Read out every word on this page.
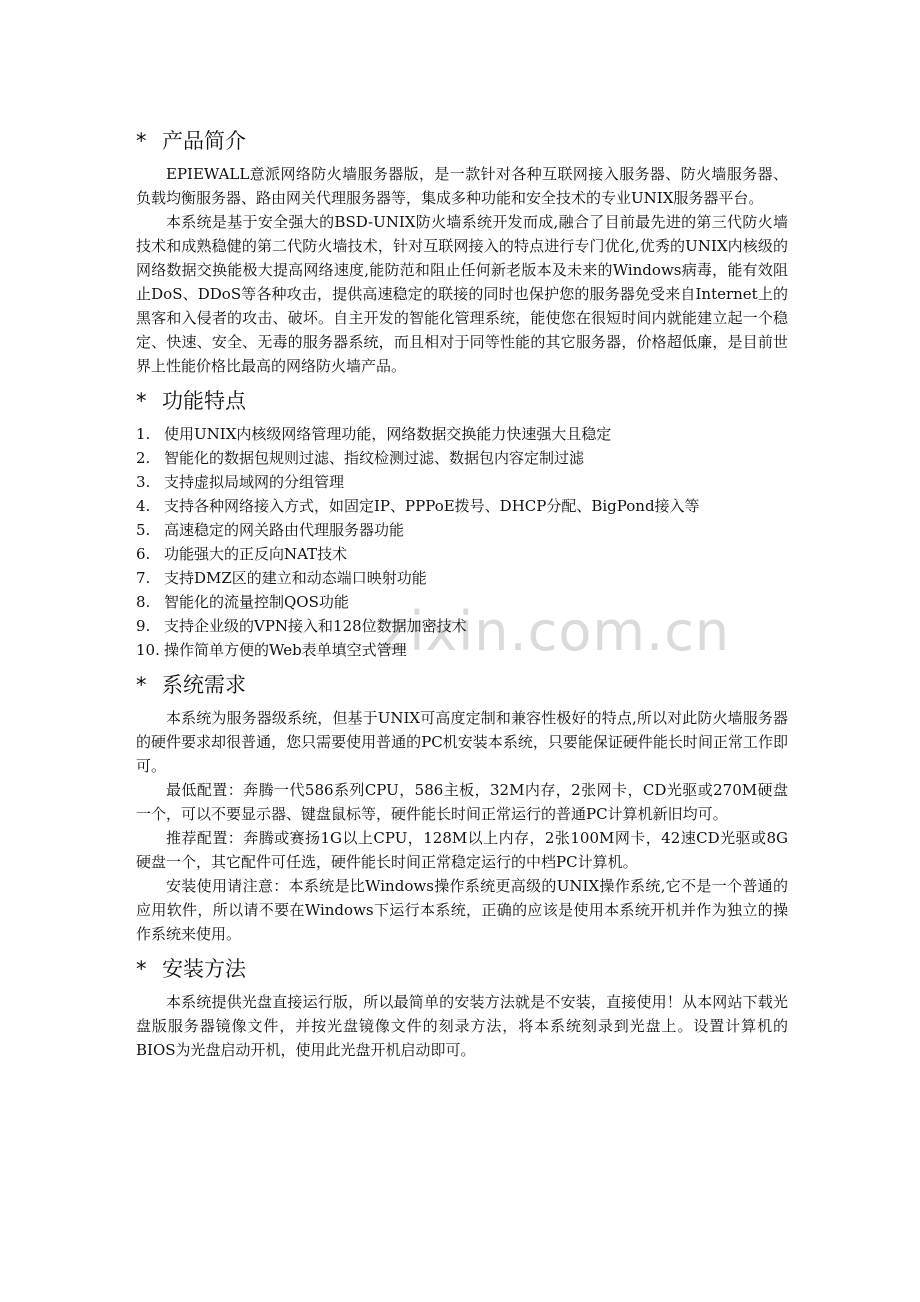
zixin.com.cn
* 产品简介

EPIEWALL意派网络防火墙服务器版，是一款针对各种互联网接入服务器、防火墙服务器、负载均衡服务器、路由网关代理服务器等，集成多种功能和安全技术的专业UNIX服务器平台。

本系统是基于安全强大的BSD-UNIX防火墙系统开发而成,融合了目前最先进的第三代防火墙技术和成熟稳健的第二代防火墙技术，针对互联网接入的特点进行专门优化,优秀的UNIX内核级的网络数据交换能极大提高网络速度,能防范和阻止任何新老版本及未来的Windows病毒，能有效阻止DoS、DDoS等各种攻击，提供高速稳定的联接的同时也保护您的服务器免受来自Internet上的黑客和入侵者的攻击、破坏。自主开发的智能化管理系统，能使您在很短时间内就能建立起一个稳定、快速、安全、无毒的服务器系统，而且相对于同等性能的其它服务器，价格超低廉，是目前世界上性能价格比最高的网络防火墙产品。

* 功能特点
1. 使用UNIX内核级网络管理功能，网络数据交换能力快速强大且稳定
2. 智能化的数据包规则过滤、指纹检测过滤、数据包内容定制过滤
3. 支持虚拟局域网的分组管理
4. 支持各种网络接入方式，如固定IP、PPPoE拨号、DHCP分配、BigPond接入等
5. 高速稳定的网关路由代理服务器功能
6. 功能强大的正反向NAT技术
7. 支持DMZ区的建立和动态端口映射功能
8. 智能化的流量控制QOS功能
9. 支持企业级的VPN接入和128位数据加密技术
10. 操作简单方便的Web表单填空式管理
* 系统需求

本系统为服务器级系统，但基于UNIX可高度定制和兼容性极好的特点,所以对此防火墙服务器的硬件要求却很普通，您只需要使用普通的PC机安装本系统，只要能保证硬件能长时间正常工作即可。

最低配置：奔腾一代586系列CPU，586主板，32M内存，2张网卡，CD光驱或270M硬盘一个，可以不要显示器、键盘鼠标等，硬件能长时间正常运行的普通PC计算机新旧均可。

推荐配置：奔腾或赛扬1G以上CPU，128M以上内存，2张100M网卡，42速CD光驱或8G硬盘一个，其它配件可任选，硬件能长时间正常稳定运行的中档PC计算机。

安装使用请注意：本系统是比Windows操作系统更高级的UNIX操作系统,它不是一个普通的应用软件，所以请不要在Windows下运行本系统，正确的应该是使用本系统开机并作为独立的操作系统来使用。

* 安装方法

本系统提供光盘直接运行版，所以最简单的安装方法就是不安装，直接使用！从本网站下载光盘版服务器镜像文件，并按光盘镜像文件的刻录方法，将本系统刻录到光盘上。设置计算机的BIOS为光盘启动开机，使用此光盘开机启动即可。
